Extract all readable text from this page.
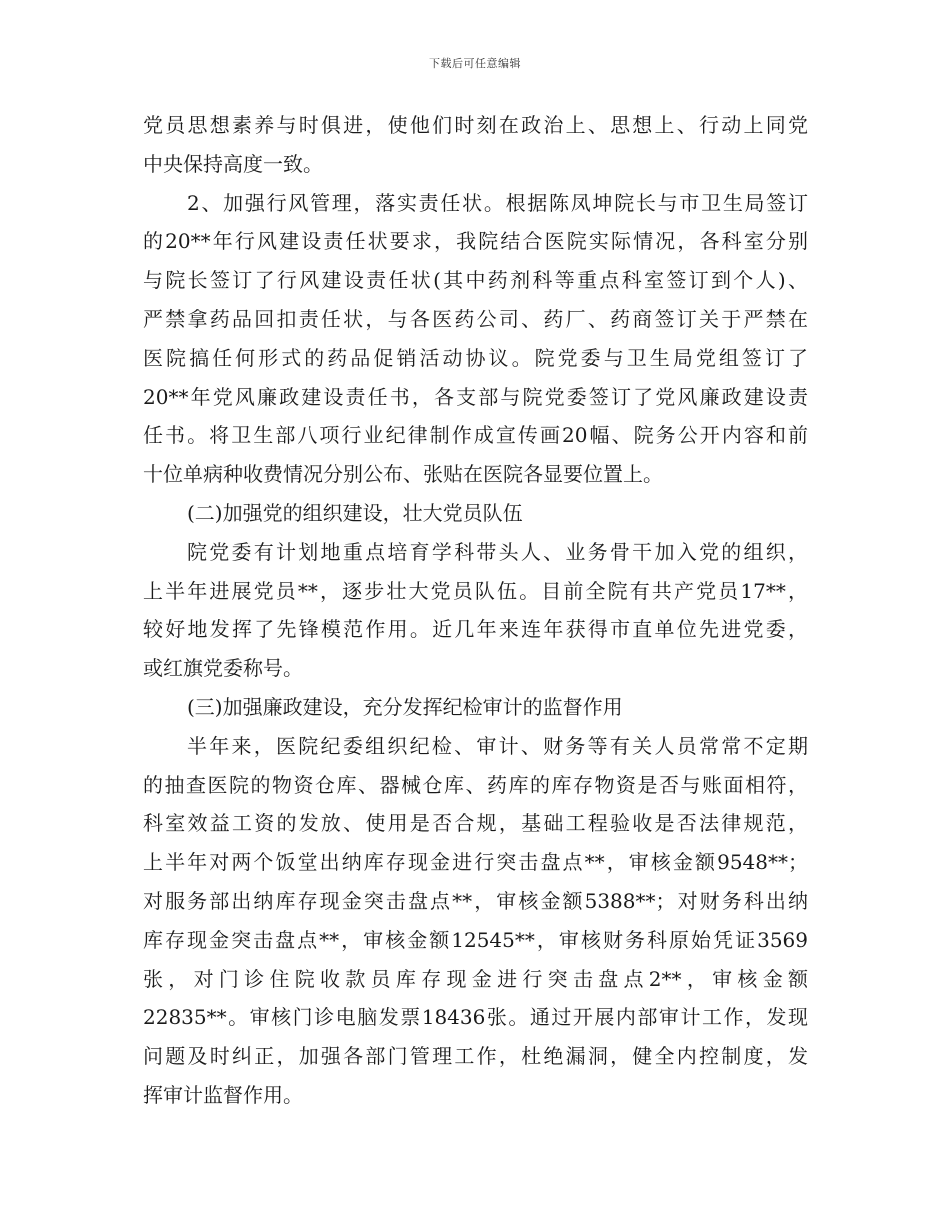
下载后可任意编辑
党员思想素养与时俱进，使他们时刻在政治上、思想上、行动上同党
中央保持高度一致。
2、加强行风管理，落实责任状。根据陈凤坤院长与市卫生局签订
的20**年行风建设责任状要求，我院结合医院实际情况，各科室分别
与院长签订了行风建设责任状(其中药剂科等重点科室签订到个人)、
严禁拿药品回扣责任状，与各医药公司、药厂、药商签订关于严禁在
医院搞任何形式的药品促销活动协议。院党委与卫生局党组签订了
20**年党风廉政建设责任书，各支部与院党委签订了党风廉政建设责
任书。将卫生部八项行业纪律制作成宣传画20幅、院务公开内容和前
十位单病种收费情况分别公布、张贴在医院各显要位置上。
(二)加强党的组织建设，壮大党员队伍
院党委有计划地重点培育学科带头人、业务骨干加入党的组织，
上半年进展党员**，逐步壮大党员队伍。目前全院有共产党员17**，
较好地发挥了先锋模范作用。近几年来连年获得市直单位先进党委，
或红旗党委称号。
(三)加强廉政建设，充分发挥纪检审计的监督作用
半年来，医院纪委组织纪检、审计、财务等有关人员常常不定期
的抽查医院的物资仓库、器械仓库、药库的库存物资是否与账面相符，
科室效益工资的发放、使用是否合规，基础工程验收是否法律规范，
上半年对两个饭堂出纳库存现金进行突击盘点**，审核金额9548**；
对服务部出纳库存现金突击盘点**，审核金额5388**；对财务科出纳
库存现金突击盘点**，审核金额12545**，审核财务科原始凭证3569
张，对门诊住院收款员库存现金进行突击盘点2**，审核金额
22835**。审核门诊电脑发票18436张。通过开展内部审计工作，发现
问题及时纠正，加强各部门管理工作，杜绝漏洞，健全内控制度，发
挥审计监督作用。
